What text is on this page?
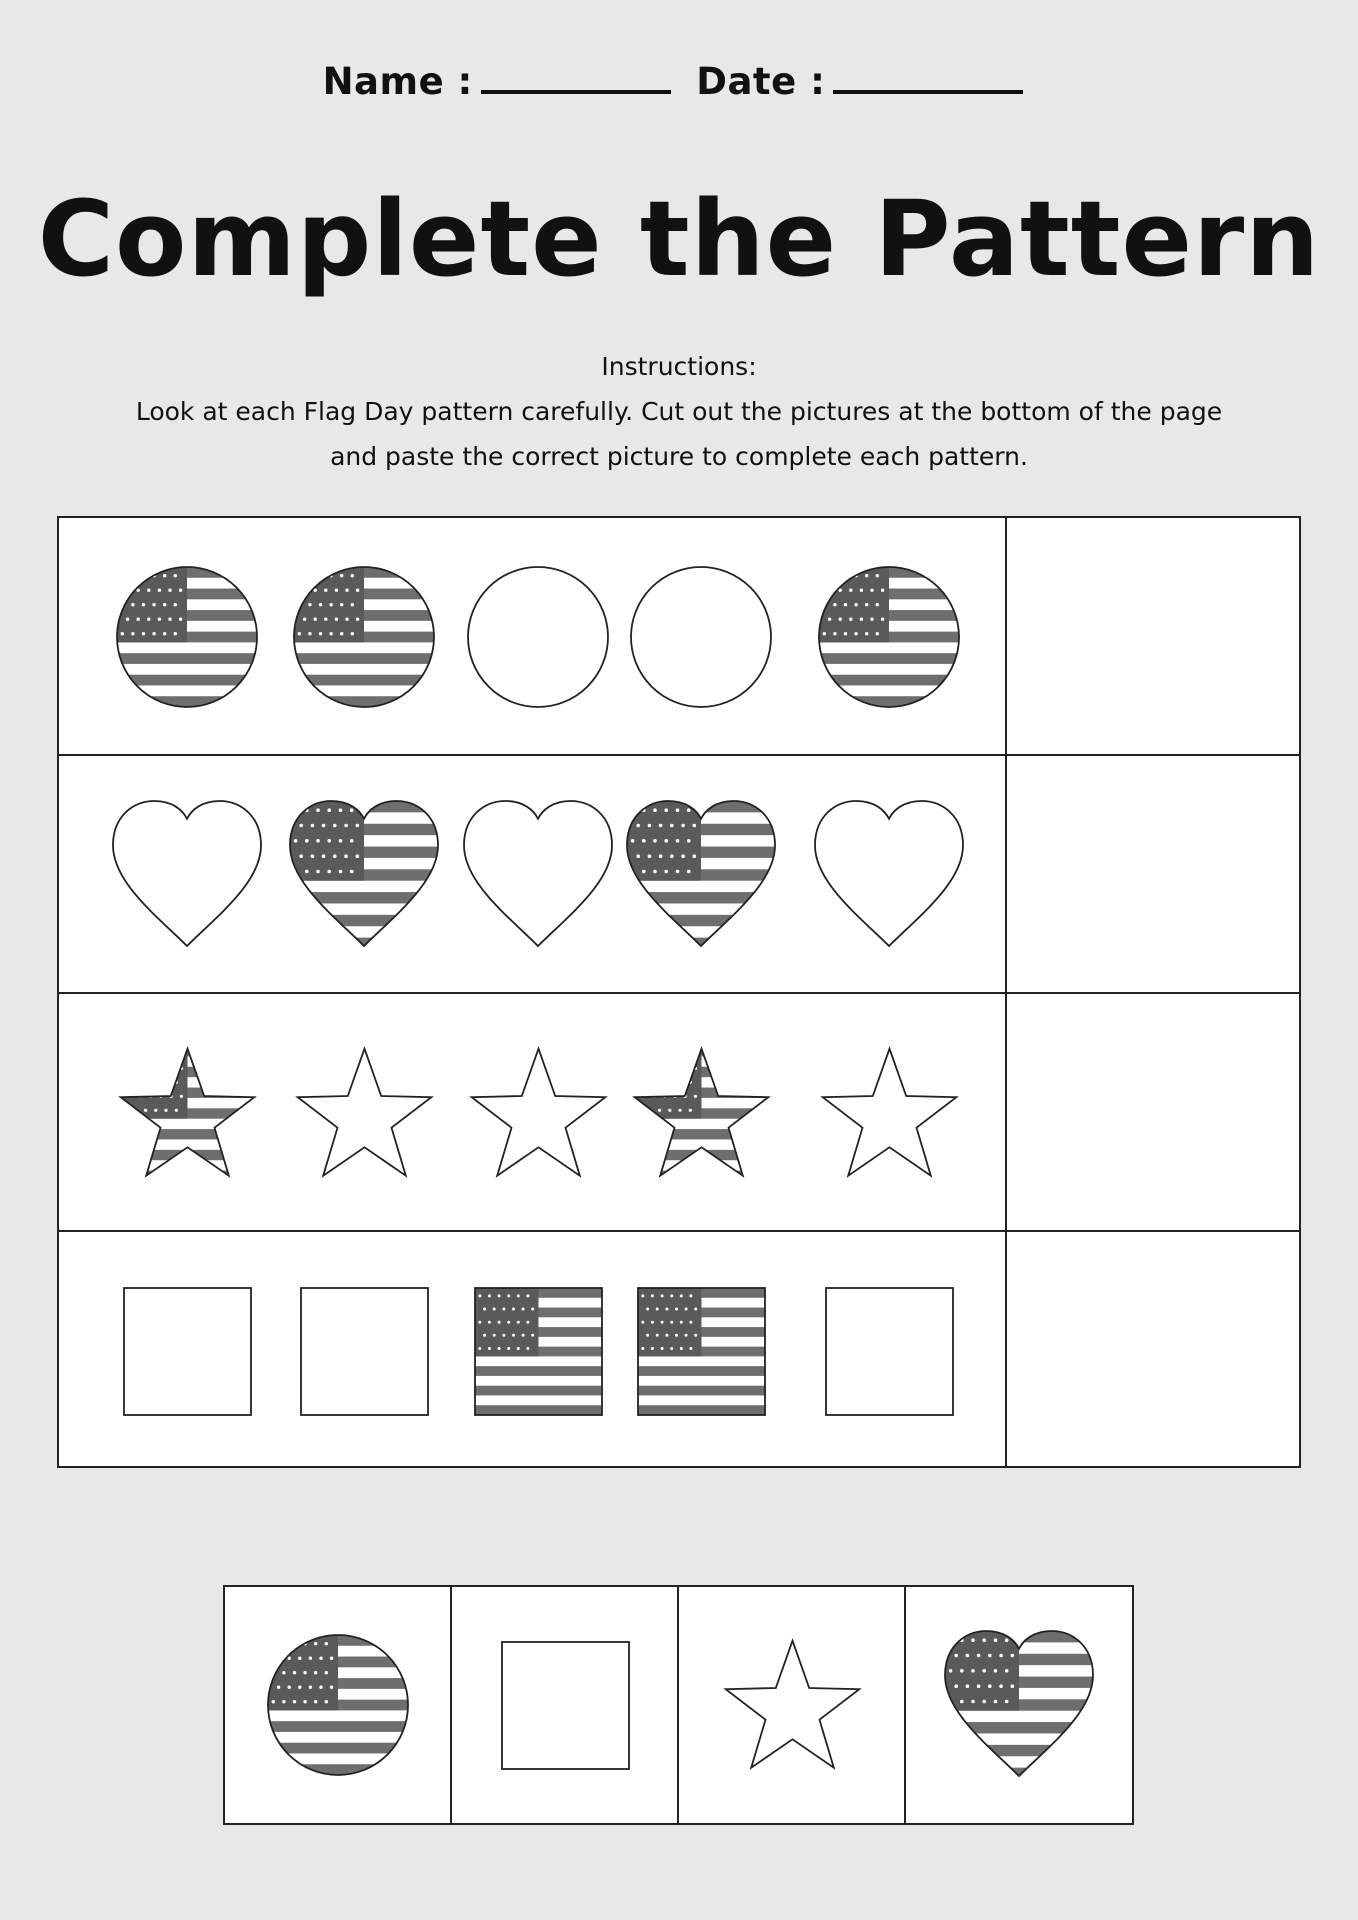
Name :	Date :
Complete the Pattern
Instructions:
Look at each Flag Day pattern carefully. Cut out the pictures at the bottom of the page
and paste the correct picture to complete each pattern.
